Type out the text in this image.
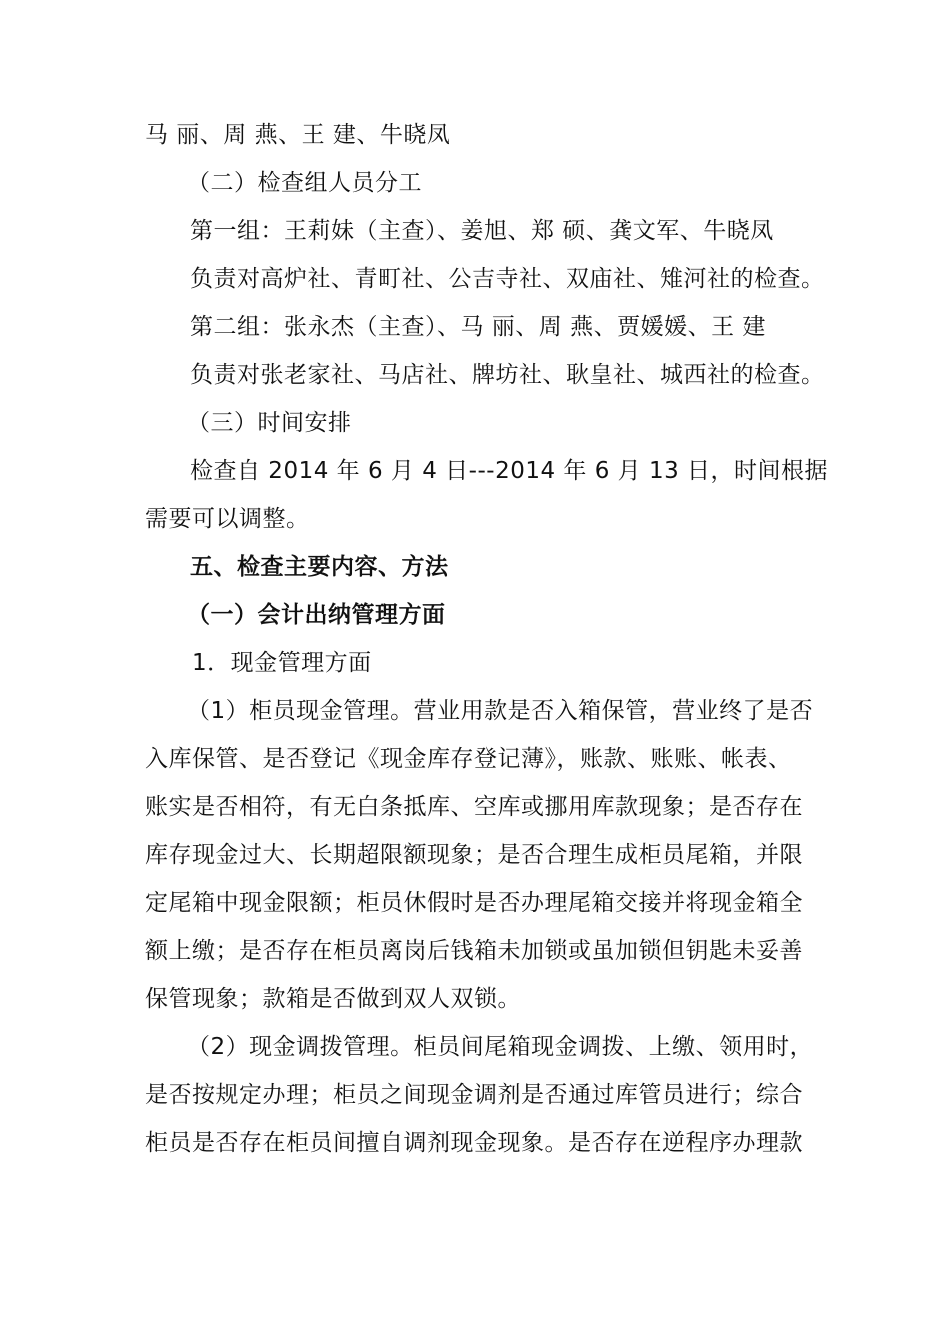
马 丽、周 燕、王 建、牛晓凤
（二）检查组人员分工
第一组：王莉妹（主查）、姜旭、郑 硕、龚文军、牛晓凤
负责对高炉社、青町社、公吉寺社、双庙社、雉河社的检查。
第二组：张永杰（主查）、马 丽、周 燕、贾媛媛、王 建
负责对张老家社、马店社、牌坊社、耿皇社、城西社的检查。
（三）时间安排
检查自 2014 年 6 月 4 日---2014 年 6 月 13 日，时间根据
需要可以调整。
五、检查主要内容、方法
（一）会计出纳管理方面
1．现金管理方面
（1）柜员现金管理。营业用款是否入箱保管，营业终了是否
入库保管、是否登记《现金库存登记薄》，账款、账账、帐表、
账实是否相符，有无白条抵库、空库或挪用库款现象；是否存在
库存现金过大、长期超限额现象；是否合理生成柜员尾箱，并限
定尾箱中现金限额；柜员休假时是否办理尾箱交接并将现金箱全
额上缴；是否存在柜员离岗后钱箱未加锁或虽加锁但钥匙未妥善
保管现象；款箱是否做到双人双锁。
（2）现金调拨管理。柜员间尾箱现金调拨、上缴、领用时，
是否按规定办理；柜员之间现金调剂是否通过库管员进行；综合
柜员是否存在柜员间擅自调剂现金现象。是否存在逆程序办理款
